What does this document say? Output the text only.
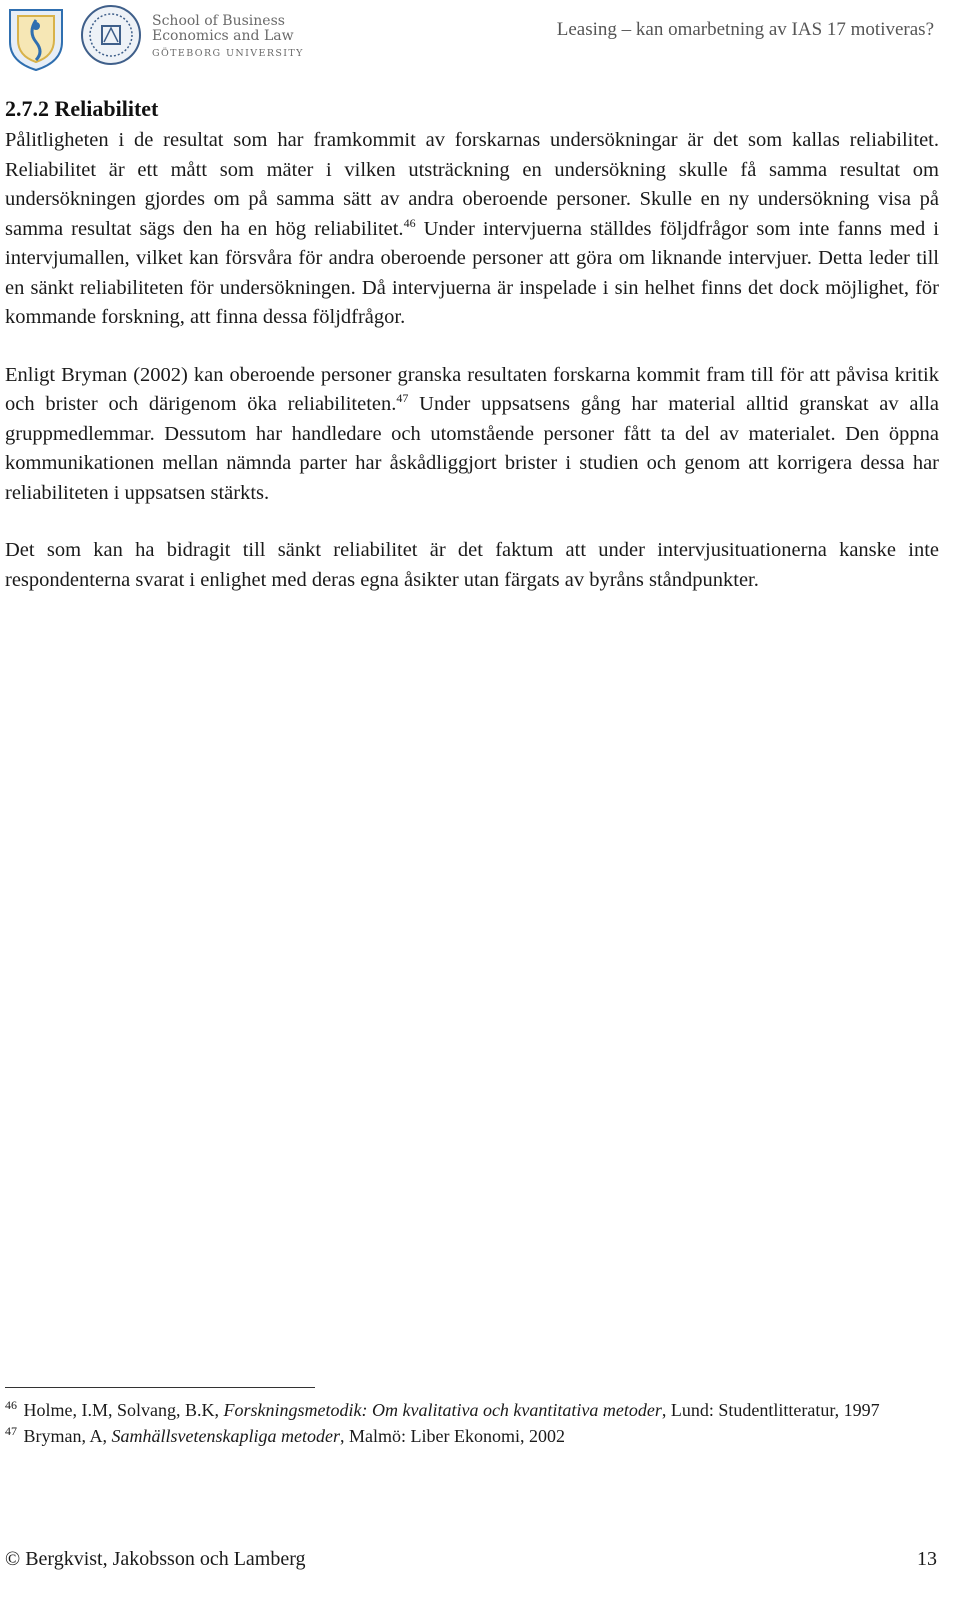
School of Business
Economics and Law
GÖTEBORG UNIVERSITY
Leasing – kan omarbetning av IAS 17 motiveras?
2.7.2 Reliabilitet

Pålitligheten i de resultat som har framkommit av forskarnas undersökningar är det som kallas reliabilitet. Reliabilitet är ett mått som mäter i vilken utsträckning en undersökning skulle få samma resultat om undersökningen gjordes om på samma sätt av andra oberoende personer. Skulle en ny undersökning visa på samma resultat sägs den ha en hög reliabilitet.$^{46}$ Under intervjuerna ställdes följdfrågor som inte fanns med i intervjumallen, vilket kan försvåra för andra oberoende personer att göra om liknande intervjuer. Detta leder till en sänkt reliabiliteten för undersökningen. Då intervjuerna är inspelade i sin helhet finns det dock möjlighet, för kommande forskning, att finna dessa följdfrågor.

Enligt Bryman (2002) kan oberoende personer granska resultaten forskarna kommit fram till för att påvisa kritik och brister och därigenom öka reliabiliteten.$^{47}$ Under uppsatsens gång har material alltid granskat av alla gruppmedlemmar. Dessutom har handledare och utomstående personer fått ta del av materialet. Den öppna kommunikationen mellan nämnda parter har åskådliggjort brister i studien och genom att korrigera dessa har reliabiliteten i uppsatsen stärkts.

Det som kan ha bidragit till sänkt reliabilitet är det faktum att under intervjusituationerna kanske inte respondenterna svarat i enlighet med deras egna åsikter utan färgats av byråns ståndpunkter.

$^{46}$ Holme, I.M, Solvang, B.K, Forskningsmetodik: Om kvalitativa och kvantitativa metoder, Lund: Studentlitteratur, 1997
$^{47}$ Bryman, A, Samhällsvetenskapliga metoder, Malmö: Liber Ekonomi, 2002
© Bergkvist, Jakobsson och Lamberg	13
